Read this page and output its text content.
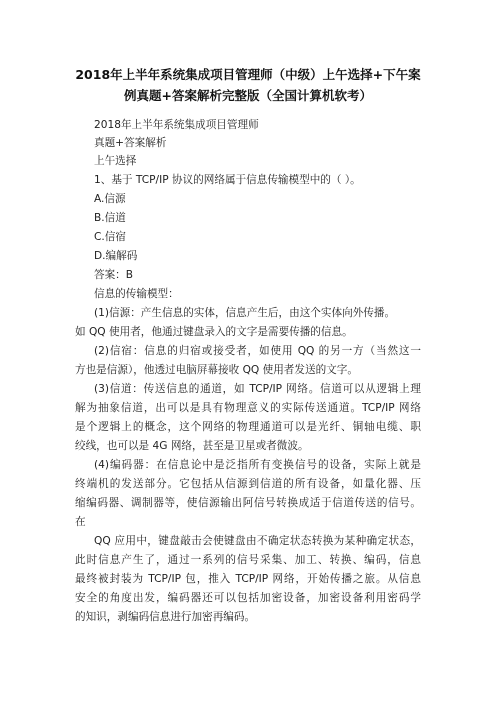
2018年上半年系统集成项目管理师（中级）上午选择+下午案
例真题+答案解析完整版（全国计算机软考）
2018年上半年系统集成项目管理师
真题+答案解析
上午选择
1、基于 TCP/IP 协议的网络属于信息传输模型中的（ ）。
A.信源
B.信道
C.信宿
D.编解码
答案：B
信息的传输模型：
(1)信源：产生信息的实体，信息产生后，由这个实体向外传播。
如 QQ 使用者，他通过键盘录入的文字是需要传播的信息。
(2)信宿：信息的归宿或接受者，如使用 QQ 的另一方（当然这一
方也是信源），他透过电脑屏幕接收 QQ 使用者发送的文字。
(3)信道：传送信息的通道，如 TCP/IP 网络。信道可以从逻辑上理
解为抽象信道，出可以是具有物理意义的实际传送通道。TCP/IP 网络
是个逻辑上的概念，这个网络的物理通道可以是光纤、铜轴电缆、职
绞线，也可以是 4G 网络，甚至是卫星或者微波。
(4)编码器：在信息论中是泛指所有变换信号的设备，实际上就是
终端机的发送部分。它包括从信源到信道的所有设备，如量化器、压
缩编码器、调制器等，使信源输出阿信号转换成适于信道传送的信号。
在
QQ 应用中，键盘敲击会使键盘由不确定状态转换为某种确定状态，
此时信息产生了，通过一系列的信号采集、加工、转换、编码，信息
最终被封装为 TCP/IP 包，推入 TCP/IP 网络，开始传播之旅。从信息
安全的角度出发，编码器还可以包括加密设备，加密设备利用密码学
的知识，剥编码信息进行加密再编码。
